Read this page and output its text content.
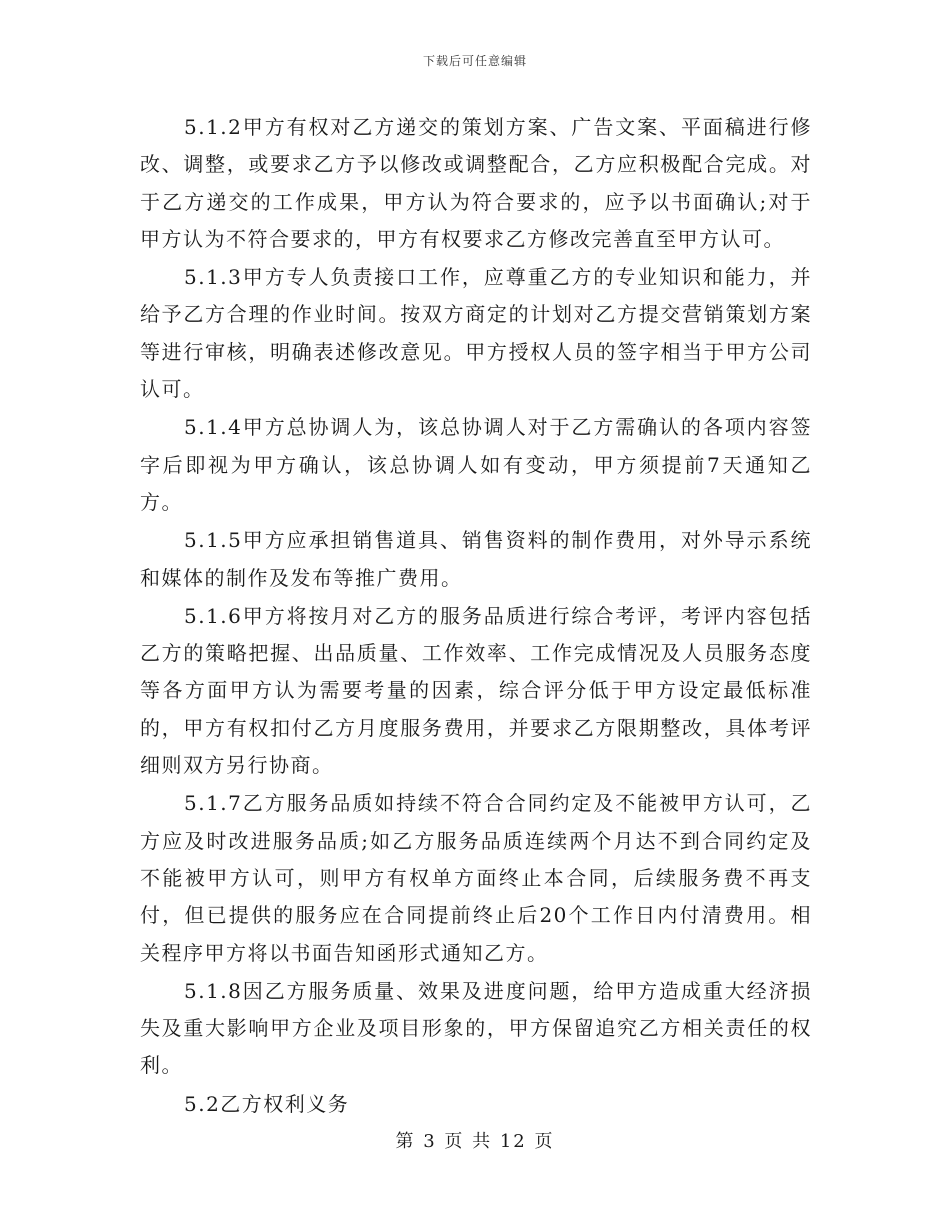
下载后可任意编辑

5.1.2甲方有权对乙方递交的策划方案、广告文案、平面稿进行修改、调整，或要求乙方予以修改或调整配合，乙方应积极配合完成。对于乙方递交的工作成果，甲方认为符合要求的，应予以书面确认;对于甲方认为不符合要求的，甲方有权要求乙方修改完善直至甲方认可。

5.1.3甲方专人负责接口工作，应尊重乙方的专业知识和能力，并给予乙方合理的作业时间。按双方商定的计划对乙方提交营销策划方案等进行审核，明确表述修改意见。甲方授权人员的签字相当于甲方公司认可。

5.1.4甲方总协调人为，该总协调人对于乙方需确认的各项内容签字后即视为甲方确认，该总协调人如有变动，甲方须提前7天通知乙方。

5.1.5甲方应承担销售道具、销售资料的制作费用，对外导示系统和媒体的制作及发布等推广费用。

5.1.6甲方将按月对乙方的服务品质进行综合考评，考评内容包括乙方的策略把握、出品质量、工作效率、工作完成情况及人员服务态度等各方面甲方认为需要考量的因素，综合评分低于甲方设定最低标准的，甲方有权扣付乙方月度服务费用，并要求乙方限期整改，具体考评细则双方另行协商。

5.1.7乙方服务品质如持续不符合合同约定及不能被甲方认可，乙方应及时改进服务品质;如乙方服务品质连续两个月达不到合同约定及不能被甲方认可，则甲方有权单方面终止本合同，后续服务费不再支付，但已提供的服务应在合同提前终止后20个工作日内付清费用。相关程序甲方将以书面告知函形式通知乙方。

5.1.8因乙方服务质量、效果及进度问题，给甲方造成重大经济损失及重大影响甲方企业及项目形象的，甲方保留追究乙方相关责任的权利。

5.2乙方权利义务

第 3 页 共 12 页
